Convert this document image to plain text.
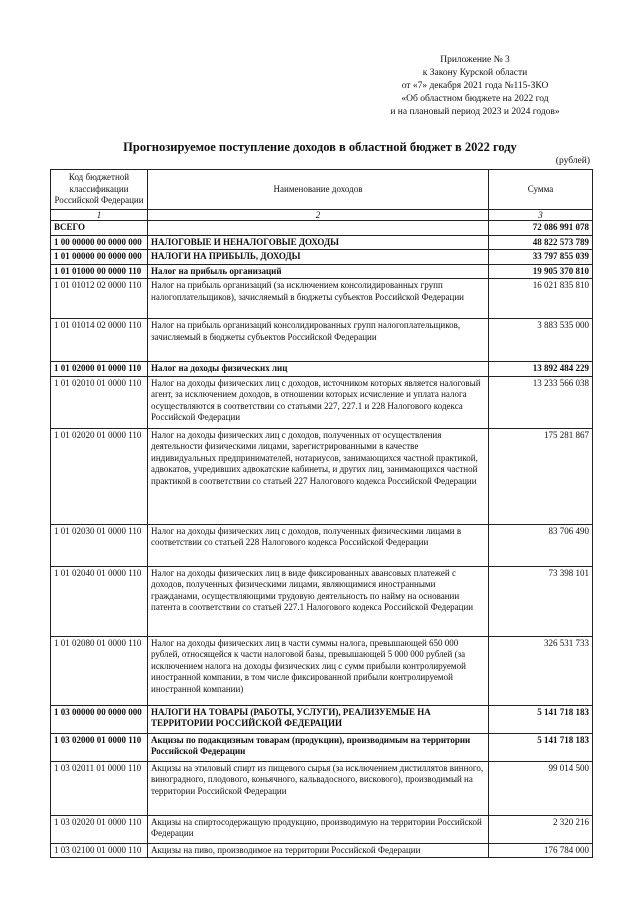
Приложение № 3
к Закону Курской области
от «7» декабря 2021 года №115-ЗКО
«Об областном бюджете на 2022 год
и на плановый период 2023 и 2024 годов»
Прогнозируемое поступление доходов в областной бюджет в 2022 году
(рублей)
Код бюджетной классификации Российской Федерации	Наименование доходов	Сумма
1	2	3
ВСЕГО		72 086 991 078
1 00 00000 00 0000 000	НАЛОГОВЫЕ И НЕНАЛОГОВЫЕ ДОХОДЫ	48 822 573 789
1 01 00000 00 0000 000	НАЛОГИ НА ПРИБЫЛЬ, ДОХОДЫ	33 797 855 039
1 01 01000 00 0000 110	Налог на прибыль организаций	19 905 370 810
1 01 01012 02 0000 110	Налог на прибыль организаций (за исключением консолидированных групп налогоплательщиков), зачисляемый в бюджеты субъектов Российской Федерации	16 021 835 810
1 01 01014 02 0000 110	Налог на прибыль организаций консолидированных групп налогоплательщиков, зачисляемый в бюджеты субъектов Российской Федерации	3 883 535 000
1 01 02000 01 0000 110	Налог на доходы физических лиц	13 892 484 229
1 01 02010 01 0000 110	Налог на доходы физических лиц с доходов, источником которых является налоговый агент, за исключением доходов, в отношении которых исчисление и уплата налога осуществляются в соответствии со статьями 227, 227.1 и 228 Налогового кодекса Российской Федерации	13 233 566 038
1 01 02020 01 0000 110	Налог на доходы физических лиц с доходов, полученных от осуществления деятельности физическими лицами, зарегистрированными в качестве индивидуальных предпринимателей, нотариусов, занимающихся частной практикой, адвокатов, учредивших адвокатские кабинеты, и других лиц, занимающихся частной практикой в соответствии со статьей 227 Налогового кодекса Российской Федерации	175 281 867
1 01 02030 01 0000 110	Налог на доходы физических лиц с доходов, полученных физическими лицами в соответствии со статьей 228 Налогового кодекса Российской Федерации	83 706 490
1 01 02040 01 0000 110	Налог на доходы физических лиц в виде фиксированных авансовых платежей с доходов, полученных физическими лицами, являющимися иностранными гражданами, осуществляющими трудовую деятельность по найму на основании патента в соответствии со статьей 227.1 Налогового кодекса Российской Федерации	73 398 101
1 01 02080 01 0000 110	Налог на доходы физических лиц в части суммы налога, превышающей 650 000 рублей, относящейся к части налоговой базы, превышающей 5 000 000 рублей (за исключением налога на доходы физических лиц с сумм прибыли контролируемой иностранной компании, в том числе фиксированной прибыли контролируемой иностранной компании)	326 531 733
1 03 00000 00 0000 000	НАЛОГИ НА ТОВАРЫ (РАБОТЫ, УСЛУГИ), РЕАЛИЗУЕМЫЕ НА ТЕРРИТОРИИ РОССИЙСКОЙ ФЕДЕРАЦИИ	5 141 718 183
1 03 02000 01 0000 110	Акцизы по подакцизным товарам (продукции), производимым на территории Российской Федерации	5 141 718 183
1 03 02011 01 0000 110	Акцизы на этиловый спирт из пищевого сырья (за исключением дистиллятов винного, виноградного, плодового, коньячного, кальвадосного, вискового), производимый на территории Российской Федерации	99 014 500
1 03 02020 01 0000 110	Акцизы на спиртосодержащую продукцию, производимую на территории Российской Федерации	2 320 216
1 03 02100 01 0000 110	Акцизы на пиво, производимое на территории Российской Федерации	176 784 000
